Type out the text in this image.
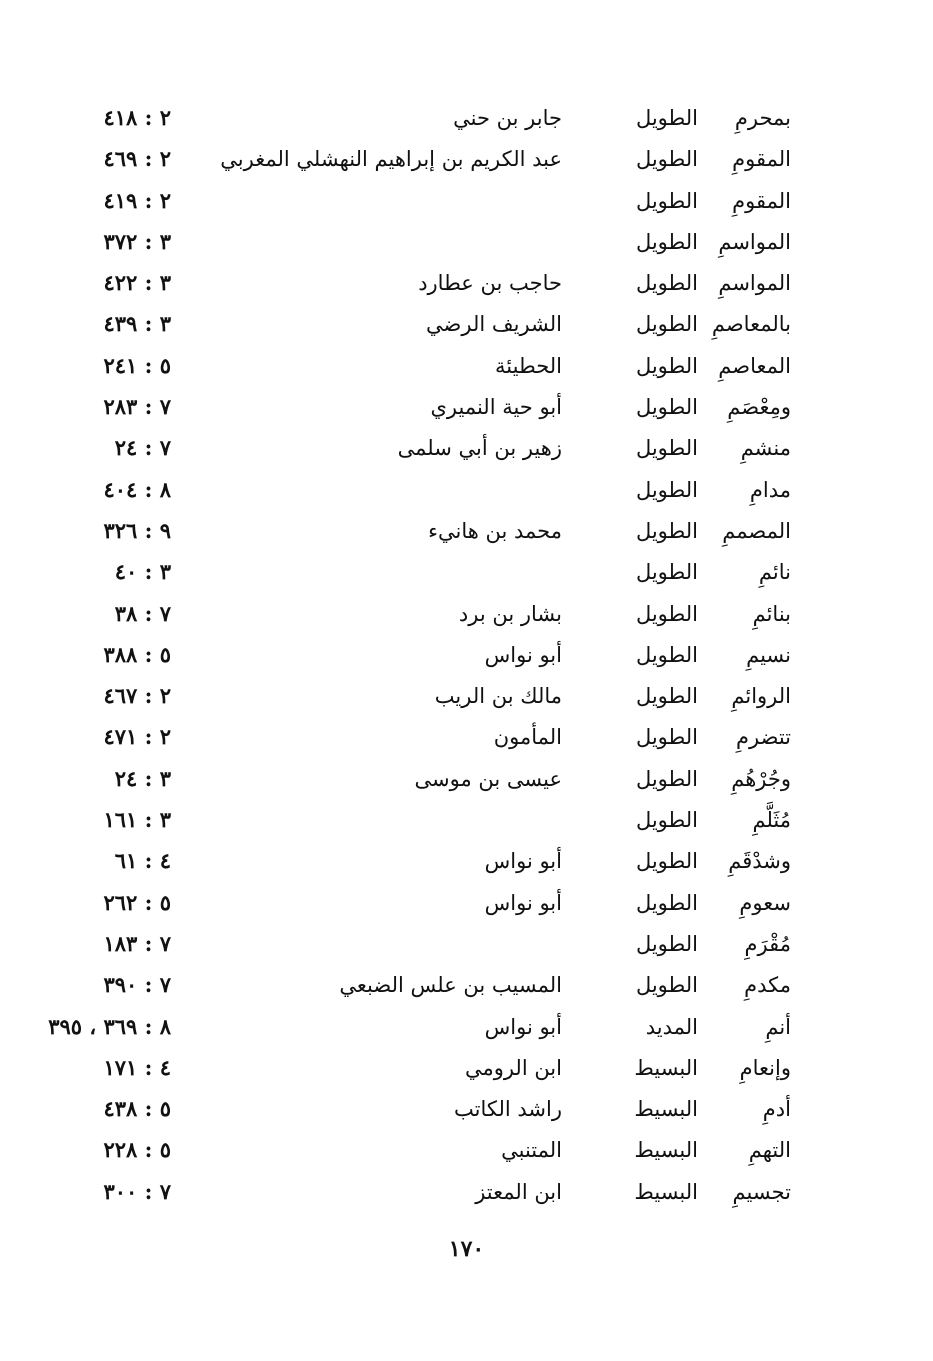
بمحرمِ
الطويل
جابر بن حني
٢ : ٤١٨
المقومِ
الطويل
عبد الكريم بن إبراهيم النهشلي المغربي
٢ : ٤٦٩
المقومِ
الطويل
٢ : ٤١٩
المواسمِ
الطويل
٣ : ٣٧٢
المواسمِ
الطويل
حاجب بن عطارد
٣ : ٤٢٢
بالمعاصمِ
الطويل
الشريف الرضي
٣ : ٤٣٩
المعاصمِ
الطويل
الحطيئة
٥ : ٢٤١
ومِعْصَمِ
الطويل
أبو حية النميري
٧ : ٢٨٣
منشمِ
الطويل
زهير بن أبي سلمى
٧ : ٢٤
مدامِ
الطويل
٨ : ٤٠٤
المصممِ
الطويل
محمد بن هانيء
٩ : ٣٢٦
نائمِ
الطويل
٣ : ٤٠
بنائمِ
الطويل
بشار بن برد
٧ : ٣٨
نسيمِ
الطويل
أبو نواس
٥ : ٣٨٨
الروائمِ
الطويل
مالك بن الريب
٢ : ٤٦٧
تتضرمِ
الطويل
المأمون
٢ : ٤٧١
وجُرْهُمِ
الطويل
عيسى بن موسى
٣ : ٢٤
مُثَلَّمِ
الطويل
٣ : ١٦١
وشدْقَمِ
الطويل
أبو نواس
٤ : ٦١
سعومِ
الطويل
أبو نواس
٥ : ٢٦٢
مُقْرَمِ
الطويل
٧ : ١٨٣
مكدمِ
الطويل
المسيب بن علس الضبعي
٧ : ٣٩٠
أنمِ
المديد
أبو نواس
٨ : ٣٦٩ ، ٣٩٥
وإنعامِ
البسيط
ابن الرومي
٤ : ١٧١
أدمِ
البسيط
راشد الكاتب
٥ : ٤٣٨
التهمِ
البسيط
المتنبي
٥ : ٢٢٨
تجسيمِ
البسيط
ابن المعتز
٧ : ٣٠٠
١٧٠
